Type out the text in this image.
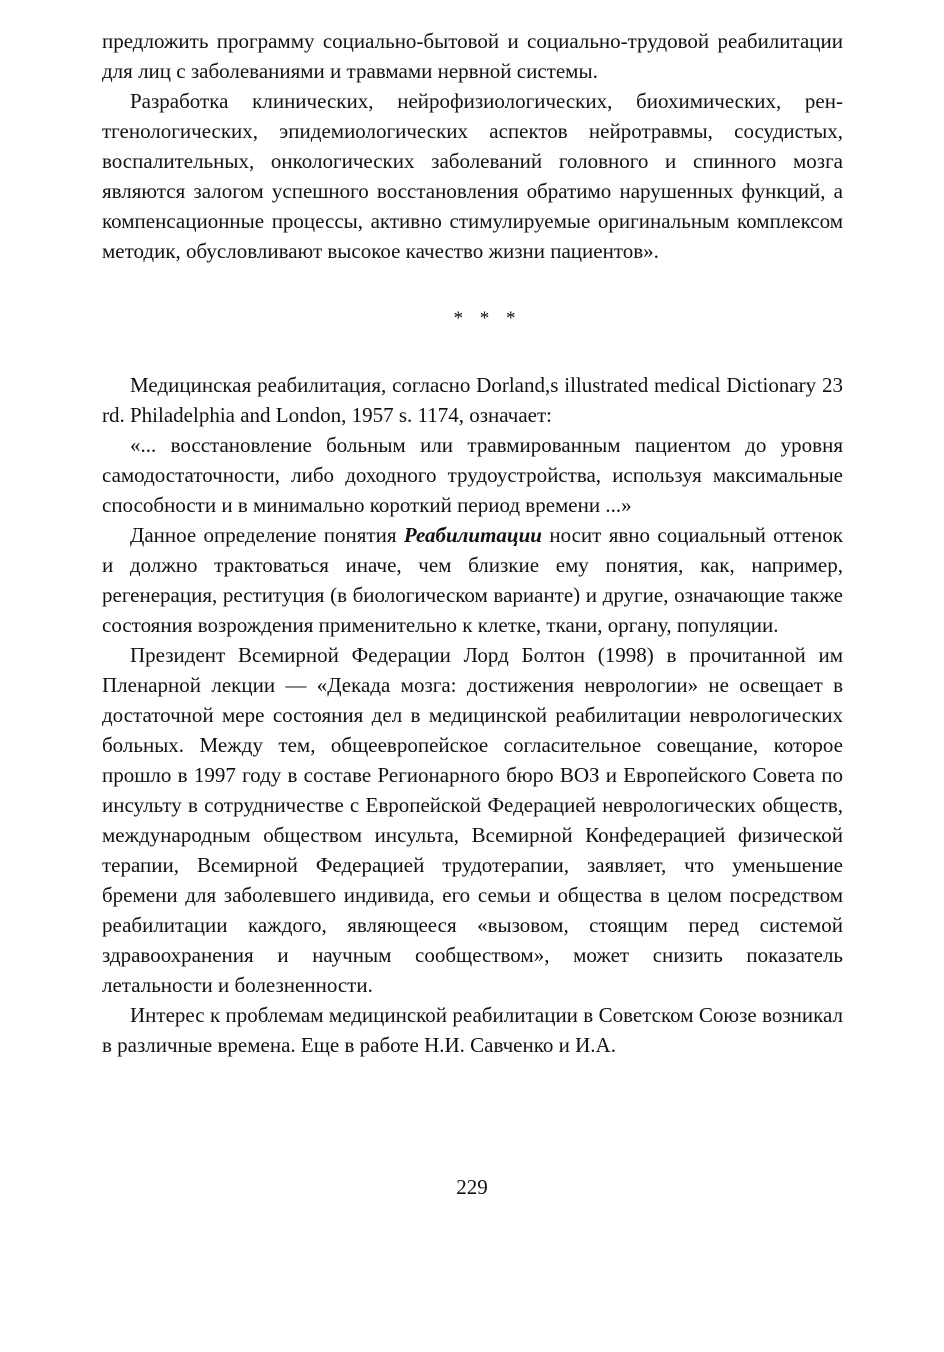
предложить программу социально-бытовой и социально-трудовой реабилитации для лиц с заболеваниями и травмами нервной системы.

Разработка клинических, нейрофизиологических, биохимических, рентгенологических, эпидемиологических аспектов нейротравмы, сосудистых, воспалительных, онкологических заболеваний головного и спинного мозга являются залогом успешного восстановления обратимо нарушенных функций, а компенсационные процессы, активно стимулируемые оригинальным комплексом методик, обусловливают высокое качество жизни пациентов».

* * *

Медицинская реабилитация, согласно Dorland,s illustrated medical Dictionary 23 rd. Philadelphia and London, 1957 s. 1174, означает:

«... восстановление больным или травмированным пациентом до уровня самодостаточности, либо доходного трудоустройства, используя максимальные способности и в минимально короткий период времени ...»

Данное определение понятия Реабилитации носит явно социальный оттенок и должно трактоваться иначе, чем близкие ему понятия, как, например, регенерация, реституция (в биологическом варианте) и другие, означающие также состояния возрождения применительно к клетке, ткани, органу, популяции.

Президент Всемирной Федерации Лорд Болтон (1998) в прочитанной им Пленарной лекции — «Декада мозга: достижения неврологии» не освещает в достаточной мере состояния дел в медицинской реабилитации неврологических больных. Между тем, общеевропейское согласительное совещание, которое прошло в 1997 году в составе Регионарного бюро ВОЗ и Европейского Совета по инсульту в сотрудничестве с Европейской Федерацией неврологических обществ, международным обществом инсульта, Всемирной Конфедерацией физической терапии, Всемирной Федерацией трудотерапии, заявляет, что уменьшение бремени для заболевшего индивида, его семьи и общества в целом посредством реабилитации каждого, являющееся «вызовом, стоящим перед системой здравоохранения и научным сообществом», может снизить показатель летальности и болезненности.

Интерес к проблемам медицинской реабилитации в Советском Союзе возникал в различные времена. Еще в работе Н.И. Савченко и И.А.

229
